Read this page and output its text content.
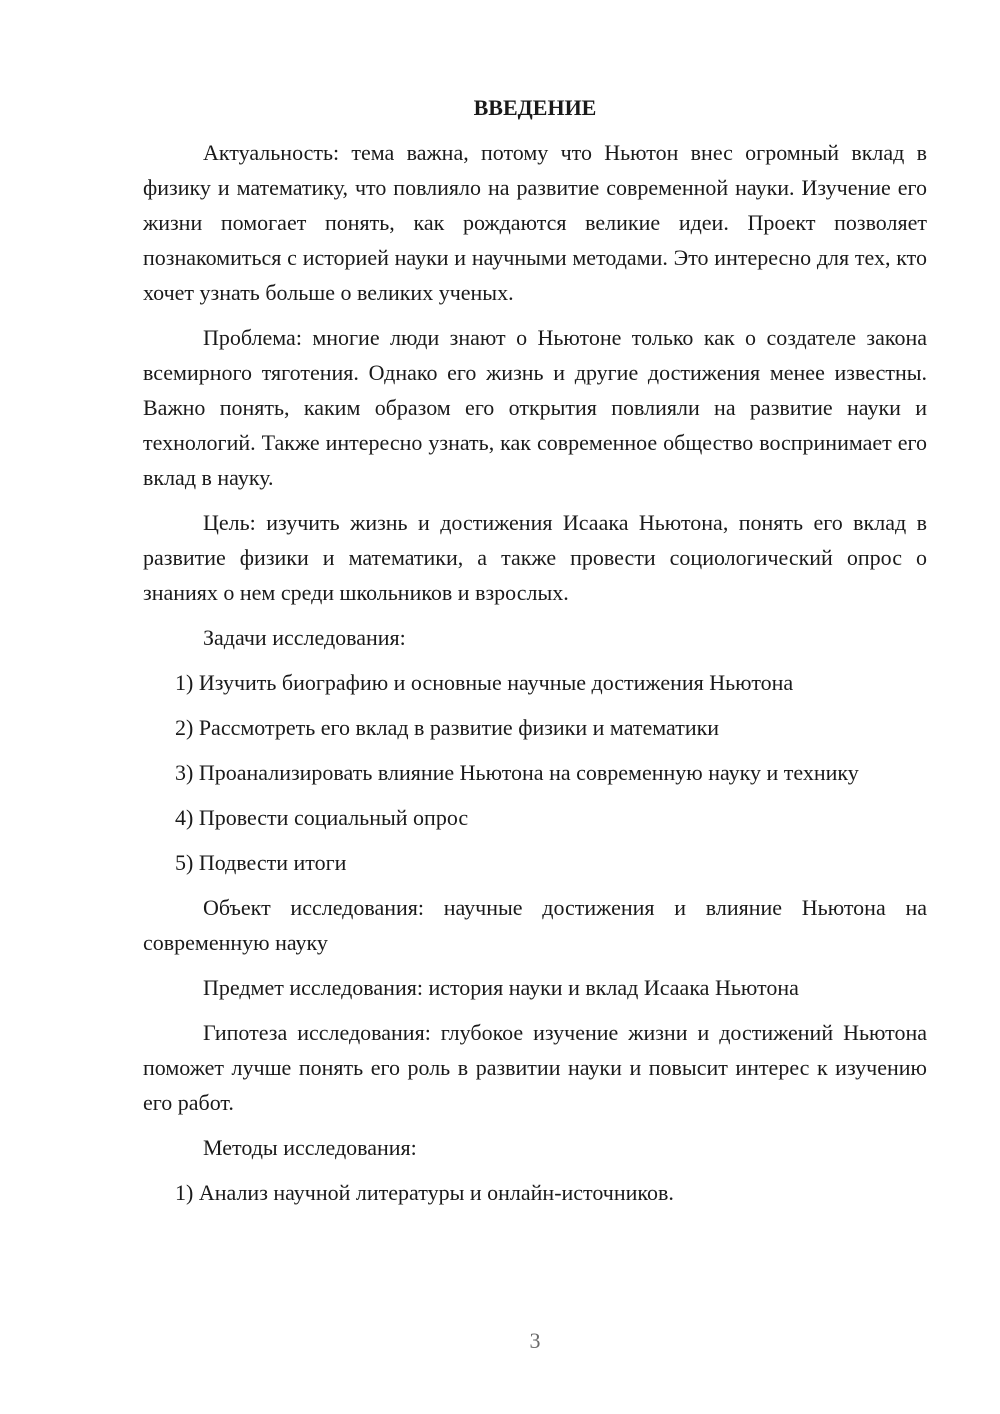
ВВЕДЕНИЕ

Актуальность: тема важна, потому что Ньютон внес огромный вклад в физику и математику, что повлияло на развитие современной науки. Изучение его жизни помогает понять, как рождаются великие идеи. Проект позволяет познакомиться с историей науки и научными методами. Это интересно для тех, кто хочет узнать больше о великих ученых.

Проблема: многие люди знают о Ньютоне только как о создателе закона всемирного тяготения. Однако его жизнь и другие достижения менее известны. Важно понять, каким образом его открытия повлияли на развитие науки и технологий. Также интересно узнать, как современное общество воспринимает его вклад в науку.

Цель: изучить жизнь и достижения Исаака Ньютона, понять его вклад в развитие физики и математики, а также провести социологический опрос о знаниях о нем среди школьников и взрослых.

Задачи исследования:

1) Изучить биографию и основные научные достижения Ньютона

2) Рассмотреть его вклад в развитие физики и математики

3) Проанализировать влияние Ньютона на современную науку и технику

4) Провести социальный опрос

5) Подвести итоги

Объект исследования: научные достижения и влияние Ньютона на современную науку

Предмет исследования: история науки и вклад Исаака Ньютона

Гипотеза исследования: глубокое изучение жизни и достижений Ньютона поможет лучше понять его роль в развитии науки и повысит интерес к изучению его работ.

Методы исследования:

1) Анализ научной литературы и онлайн-источников.

3
